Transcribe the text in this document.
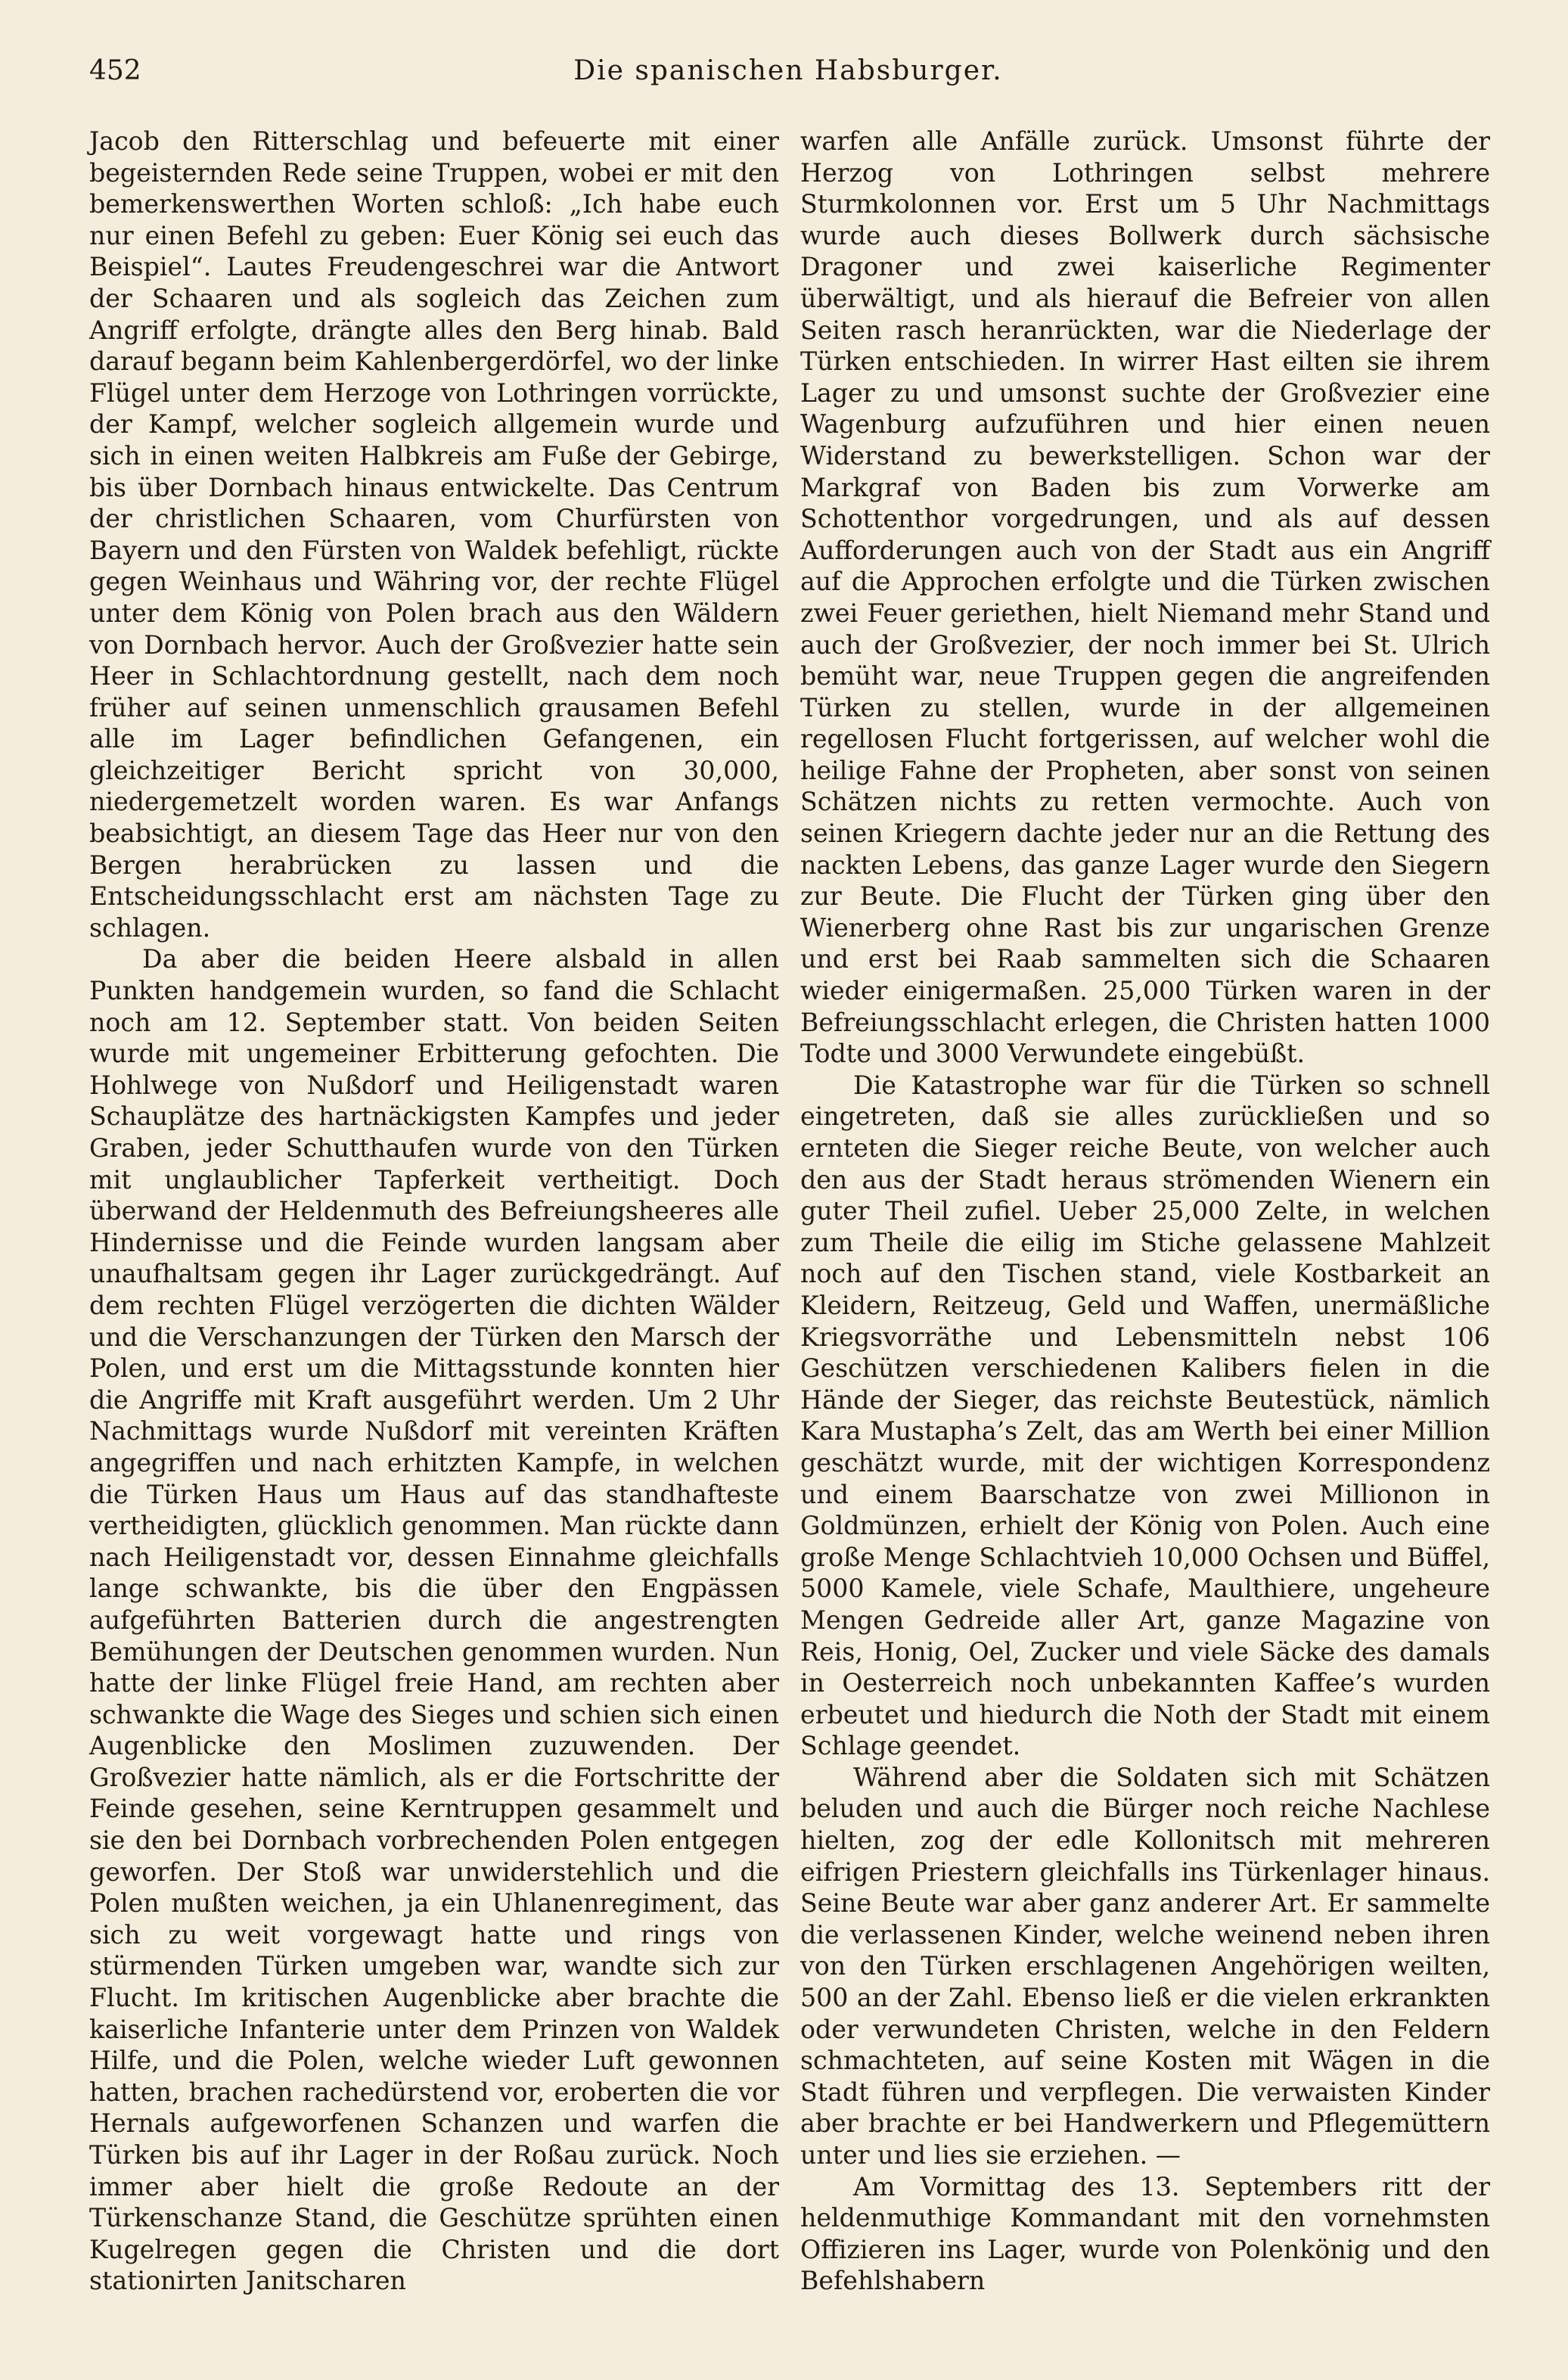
452	Die spanischen Habsburger.

Jacob den Ritterschlag und befeuerte mit einer begeisternden Rede seine Truppen, wobei er mit den bemerkenswerthen Worten schloß: „Ich habe euch nur einen Befehl zu geben: Euer König sei euch das Beispiel“. Lautes Freudengeschrei war die Antwort der Schaaren und als sogleich das Zeichen zum Angriff erfolgte, drängte alles den Berg hinab. Bald darauf begann beim Kahlenbergerdörfel, wo der linke Flügel unter dem Herzoge von Lothringen vorrückte, der Kampf, welcher sogleich allgemein wurde und sich in einen weiten Halbkreis am Fuße der Gebirge, bis über Dornbach hinaus entwickelte. Das Centrum der christlichen Schaaren, vom Churfürsten von Bayern und den Fürsten von Waldek befehligt, rückte gegen Weinhaus und Währing vor, der rechte Flügel unter dem König von Polen brach aus den Wäldern von Dornbach hervor. Auch der Großvezier hatte sein Heer in Schlachtordnung gestellt, nach dem noch früher auf seinen unmenschlich grausamen Befehl alle im Lager befindlichen Gefangenen, ein gleichzeitiger Bericht spricht von 30,000, niedergemetzelt worden waren. Es war Anfangs beabsichtigt, an diesem Tage das Heer nur von den Bergen herabrücken zu lassen und die Entscheidungsschlacht erst am nächsten Tage zu schlagen.

Da aber die beiden Heere alsbald in allen Punkten handgemein wurden, so fand die Schlacht noch am 12. September statt. Von beiden Seiten wurde mit ungemeiner Erbitterung gefochten. Die Hohlwege von Nußdorf und Heiligenstadt waren Schauplätze des hartnäckigsten Kampfes und jeder Graben, jeder Schutthaufen wurde von den Türken mit unglaublicher Tapferkeit vertheitigt. Doch überwand der Heldenmuth des Befreiungsheeres alle Hindernisse und die Feinde wurden langsam aber unaufhaltsam gegen ihr Lager zurückgedrängt. Auf dem rechten Flügel verzögerten die dichten Wälder und die Verschanzungen der Türken den Marsch der Polen, und erst um die Mittagsstunde konnten hier die Angriffe mit Kraft ausgeführt werden. Um 2 Uhr Nachmittags wurde Nußdorf mit vereinten Kräften angegriffen und nach erhitzten Kampfe, in welchen die Türken Haus um Haus auf das standhafteste vertheidigten, glücklich genommen. Man rückte dann nach Heiligenstadt vor, dessen Einnahme gleichfalls lange schwankte, bis die über den Engpässen aufgeführten Batterien durch die angestrengten Bemühungen der Deutschen genommen wurden. Nun hatte der linke Flügel freie Hand, am rechten aber schwankte die Wage des Sieges und schien sich einen Augenblicke den Moslimen zuzuwenden. Der Großvezier hatte nämlich, als er die Fortschritte der Feinde gesehen, seine Kerntruppen gesammelt und sie den bei Dornbach vorbrechenden Polen entgegen geworfen. Der Stoß war unwiderstehlich und die Polen mußten weichen, ja ein Uhlanenregiment, das sich zu weit vorgewagt hatte und rings von stürmenden Türken umgeben war, wandte sich zur Flucht. Im kritischen Augenblicke aber brachte die kaiserliche Infanterie unter dem Prinzen von Waldek Hilfe, und die Polen, welche wieder Luft gewonnen hatten, brachen rachedürstend vor, eroberten die vor Hernals aufgeworfenen Schanzen und warfen die Türken bis auf ihr Lager in der Roßau zurück. Noch immer aber hielt die große Redoute an der Türkenschanze Stand, die Geschütze sprühten einen Kugelregen gegen die Christen und die dort stationirten Janitscharen

warfen alle Anfälle zurück. Umsonst führte der Herzog von Lothringen selbst mehrere Sturmkolonnen vor. Erst um 5 Uhr Nachmittags wurde auch dieses Bollwerk durch sächsische Dragoner und zwei kaiserliche Regimenter überwältigt, und als hierauf die Befreier von allen Seiten rasch heranrückten, war die Niederlage der Türken entschieden. In wirrer Hast eilten sie ihrem Lager zu und umsonst suchte der Großvezier eine Wagenburg aufzuführen und hier einen neuen Widerstand zu bewerkstelligen. Schon war der Markgraf von Baden bis zum Vorwerke am Schottenthor vorgedrungen, und als auf dessen Aufforderungen auch von der Stadt aus ein Angriff auf die Approchen erfolgte und die Türken zwischen zwei Feuer geriethen, hielt Niemand mehr Stand und auch der Großvezier, der noch immer bei St. Ulrich bemüht war, neue Truppen gegen die angreifenden Türken zu stellen, wurde in der allgemeinen regellosen Flucht fortgerissen, auf welcher wohl die heilige Fahne der Propheten, aber sonst von seinen Schätzen nichts zu retten vermochte. Auch von seinen Kriegern dachte jeder nur an die Rettung des nackten Lebens, das ganze Lager wurde den Siegern zur Beute. Die Flucht der Türken ging über den Wienerberg ohne Rast bis zur ungarischen Grenze und erst bei Raab sammelten sich die Schaaren wieder einigermaßen. 25,000 Türken waren in der Befreiungsschlacht erlegen, die Christen hatten 1000 Todte und 3000 Verwundete eingebüßt.

Die Katastrophe war für die Türken so schnell eingetreten, daß sie alles zurückließen und so ernteten die Sieger reiche Beute, von welcher auch den aus der Stadt heraus strömenden Wienern ein guter Theil zufiel. Ueber 25,000 Zelte, in welchen zum Theile die eilig im Stiche gelassene Mahlzeit noch auf den Tischen stand, viele Kostbarkeit an Kleidern, Reitzeug, Geld und Waffen, unermäßliche Kriegsvorräthe und Lebensmitteln nebst 106 Geschützen verschiedenen Kalibers fielen in die Hände der Sieger, das reichste Beutestück, nämlich Kara Mustapha’s Zelt, das am Werth bei einer Million geschätzt wurde, mit der wichtigen Korrespondenz und einem Baarschatze von zwei Millionon in Goldmünzen, erhielt der König von Polen. Auch eine große Menge Schlachtvieh 10,000 Ochsen und Büffel, 5000 Kamele, viele Schafe, Maulthiere, ungeheure Mengen Gedreide aller Art, ganze Magazine von Reis, Honig, Oel, Zucker und viele Säcke des damals in Oesterreich noch unbekannten Kaffee’s wurden erbeutet und hiedurch die Noth der Stadt mit einem Schlage geendet.

Während aber die Soldaten sich mit Schätzen beluden und auch die Bürger noch reiche Nachlese hielten, zog der edle Kollonitsch mit mehreren eifrigen Priestern gleichfalls ins Türkenlager hinaus. Seine Beute war aber ganz anderer Art. Er sammelte die verlassenen Kinder, welche weinend neben ihren von den Türken erschlagenen Angehörigen weilten, 500 an der Zahl. Ebenso ließ er die vielen erkrankten oder verwundeten Christen, welche in den Feldern schmachteten, auf seine Kosten mit Wägen in die Stadt führen und verpflegen. Die verwaisten Kinder aber brachte er bei Handwerkern und Pflegemüttern unter und lies sie erziehen. —

Am Vormittag des 13. Septembers ritt der heldenmuthige Kommandant mit den vornehmsten Offizieren ins Lager, wurde von Polenkönig und den Befehlshabern
